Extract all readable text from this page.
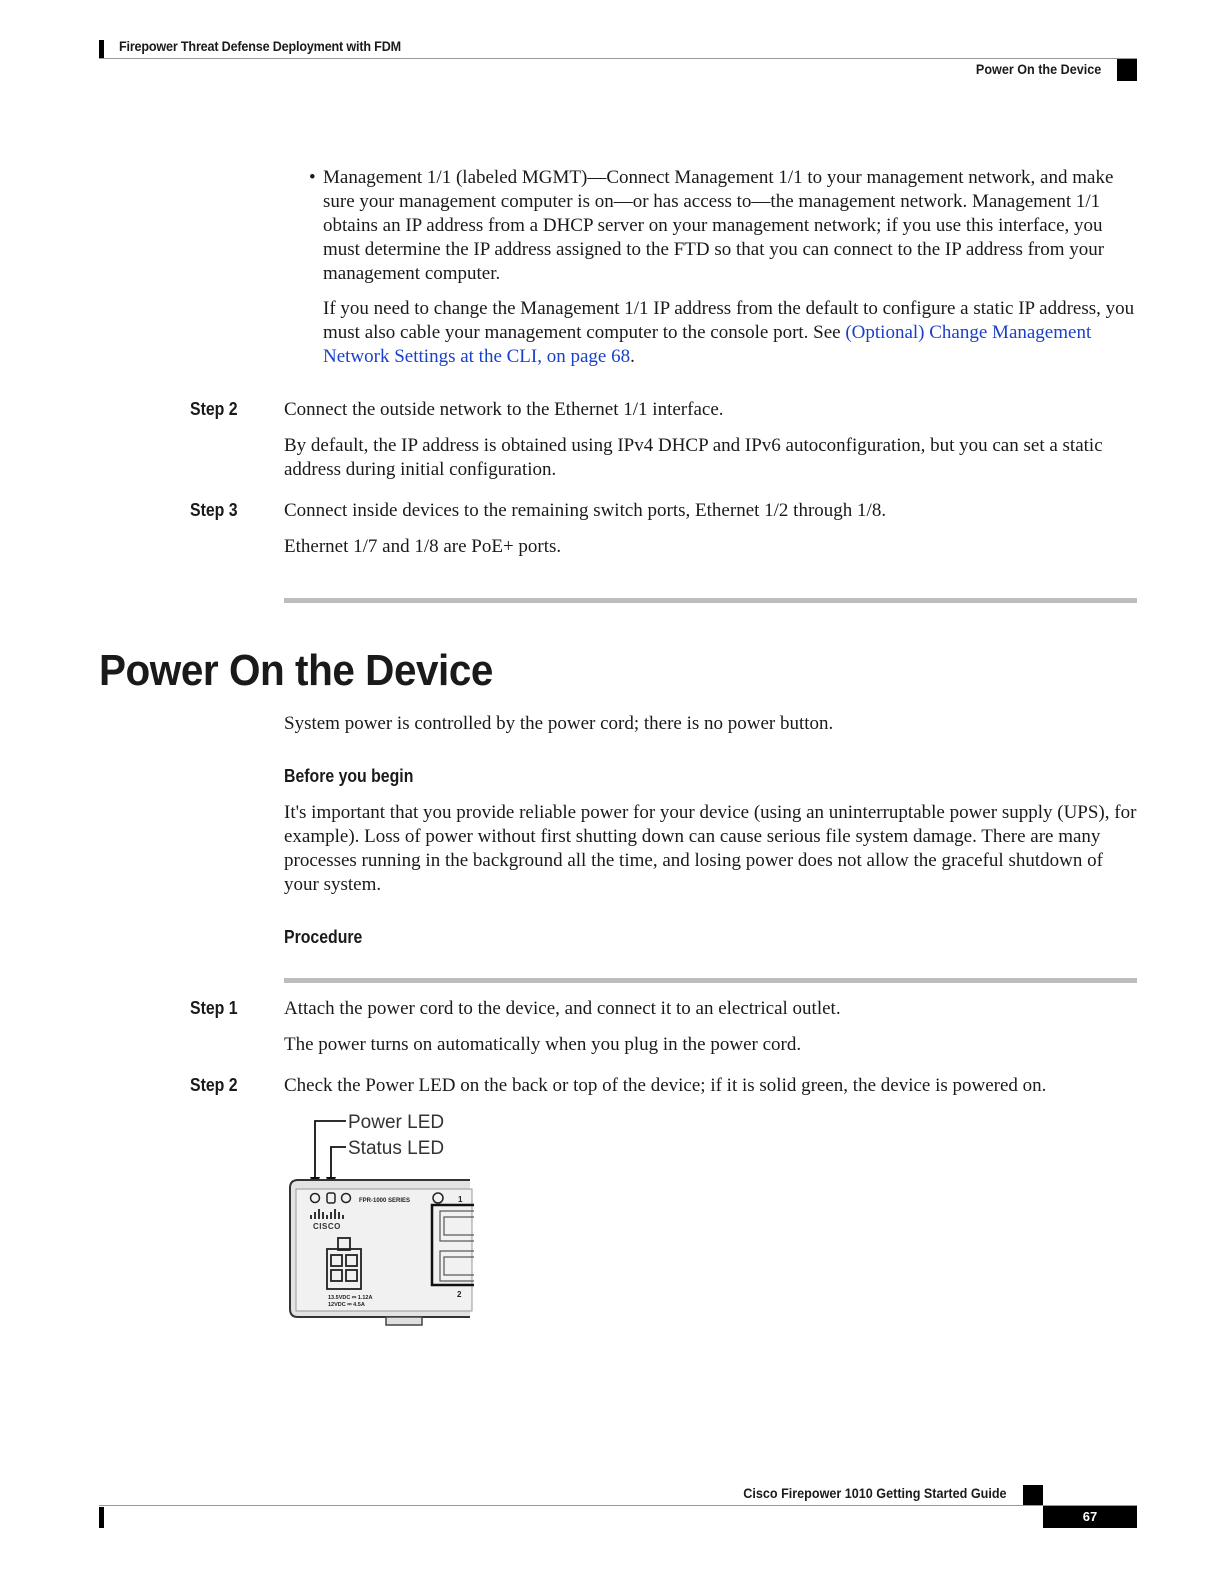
Firepower Threat Defense Deployment with FDM
Power On the Device
• Management 1/1 (labeled MGMT)—Connect Management 1/1 to your management network, and make sure your management computer is on—or has access to—the management network. Management 1/1 obtains an IP address from a DHCP server on your management network; if you use this interface, you must determine the IP address assigned to the FTD so that you can connect to the IP address from your management computer.
If you need to change the Management 1/1 IP address from the default to configure a static IP address, you must also cable your management computer to the console port. See (Optional) Change Management Network Settings at the CLI, on page 68.
Step 2 Connect the outside network to the Ethernet 1/1 interface.
By default, the IP address is obtained using IPv4 DHCP and IPv6 autoconfiguration, but you can set a static address during initial configuration.
Step 3 Connect inside devices to the remaining switch ports, Ethernet 1/2 through 1/8.
Ethernet 1/7 and 1/8 are PoE+ ports.
Power On the Device
System power is controlled by the power cord; there is no power button.
Before you begin
It's important that you provide reliable power for your device (using an uninterruptable power supply (UPS), for example). Loss of power without first shutting down can cause serious file system damage. There are many processes running in the background all the time, and losing power does not allow the graceful shutdown of your system.
Procedure
Step 1 Attach the power cord to the device, and connect it to an electrical outlet.
The power turns on automatically when you plug in the power cord.
Step 2 Check the Power LED on the back or top of the device; if it is solid green, the device is powered on.
Power LED
Status LED
FPR-1000 SERIES	1
CISCO
13.5VDC ⎓ 1.12A
12VDC ⎓ 4.5A
2
Cisco Firepower 1010 Getting Started Guide
67
